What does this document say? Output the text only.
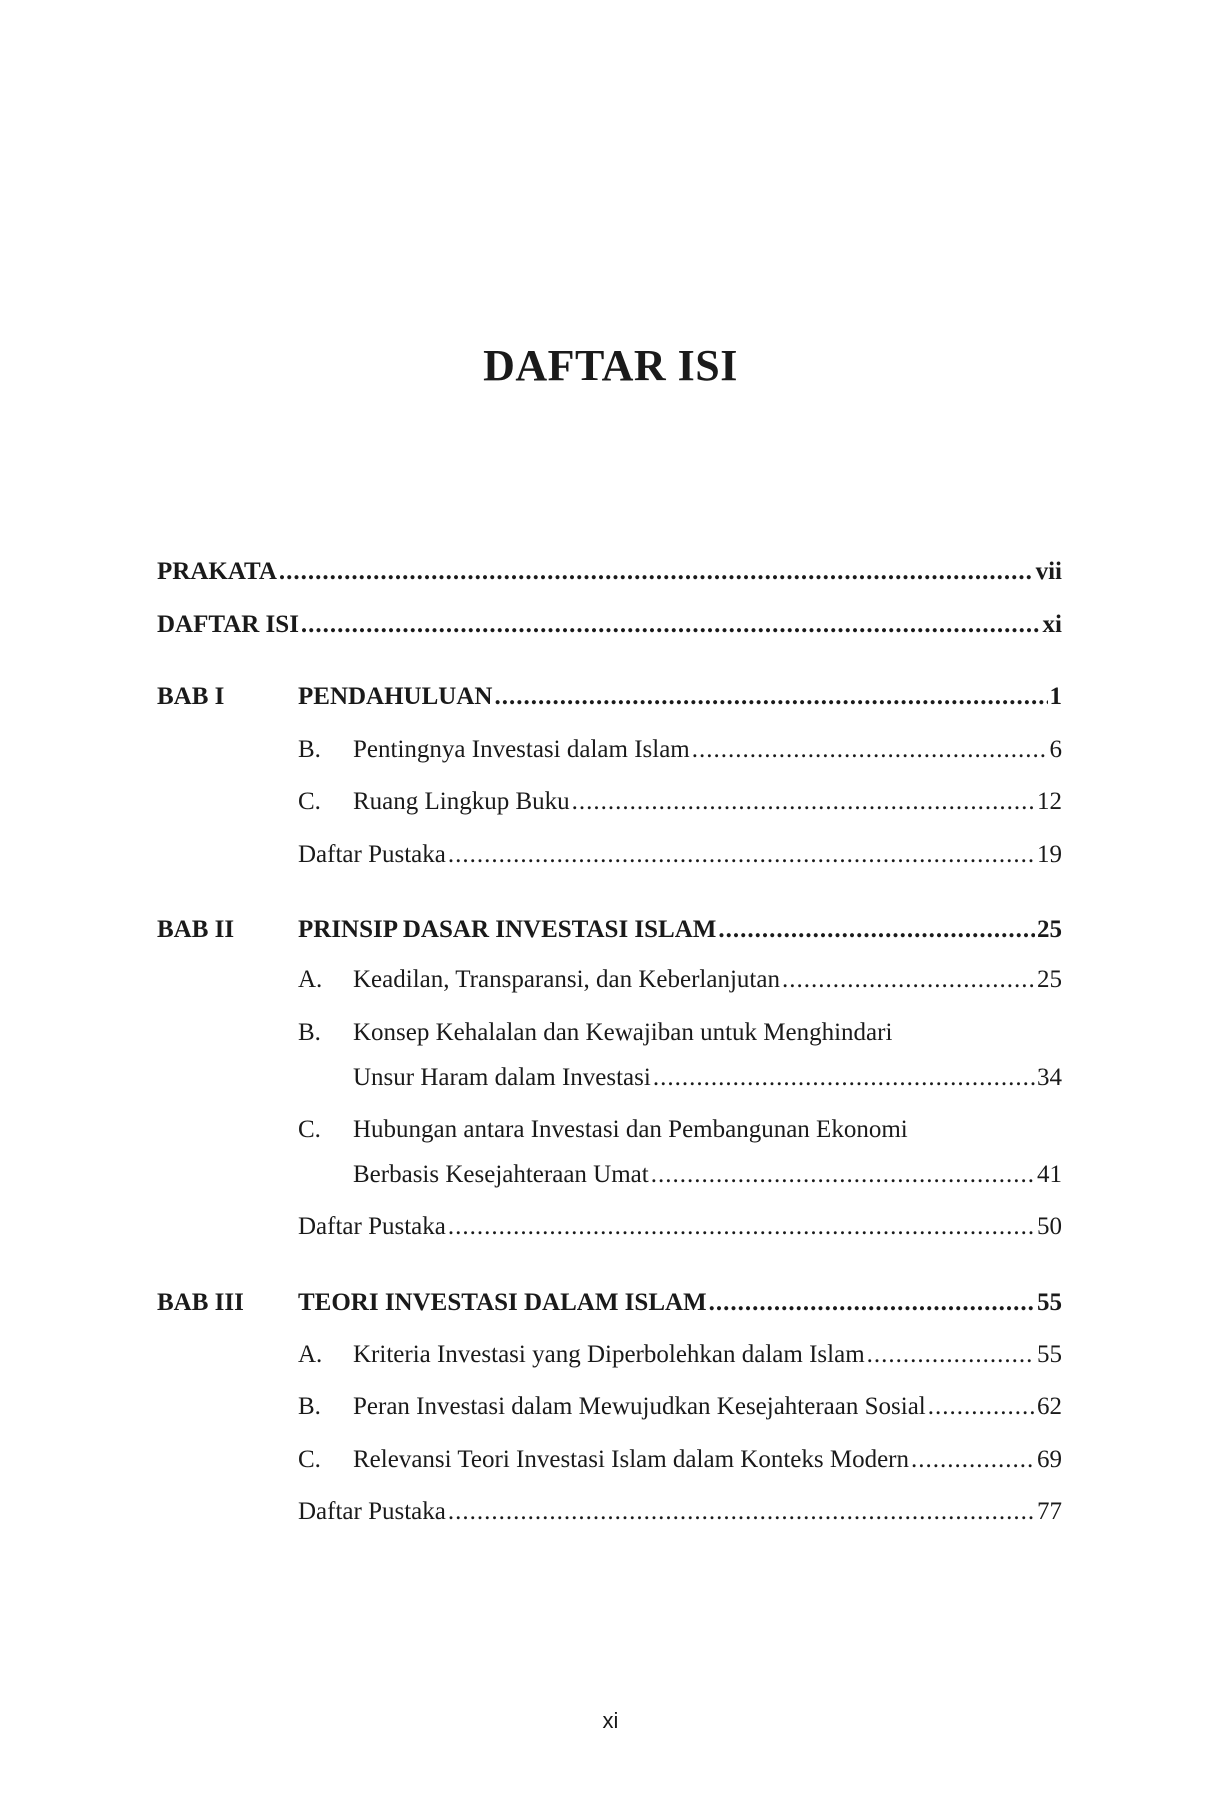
DAFTAR ISI
PRAKATA .....	vii
DAFTAR ISI .....	xi
BAB I	PENDAHULUAN .....	1
B.	Pentingnya Investasi dalam Islam .....	6
C.	Ruang Lingkup Buku .....	12
Daftar Pustaka .....	19
BAB II	PRINSIP DASAR INVESTASI ISLAM .....	25
A.	Keadilan, Transparansi, dan Keberlanjutan .....	25
B.	Konsep Kehalalan dan Kewajiban untuk Menghindari
Unsur Haram dalam Investasi .....	34
C.	Hubungan antara Investasi dan Pembangunan Ekonomi
Berbasis Kesejahteraan Umat .....	41
Daftar Pustaka .....	50
BAB III TEORI INVESTASI DALAM ISLAM .....	55
A.	Kriteria Investasi yang Diperbolehkan dalam Islam .....	55
B.	Peran Investasi dalam Mewujudkan Kesejahteraan Sosial .....	62
C.	Relevansi Teori Investasi Islam dalam Konteks Modern .....	69
Daftar Pustaka .....	77
xi
